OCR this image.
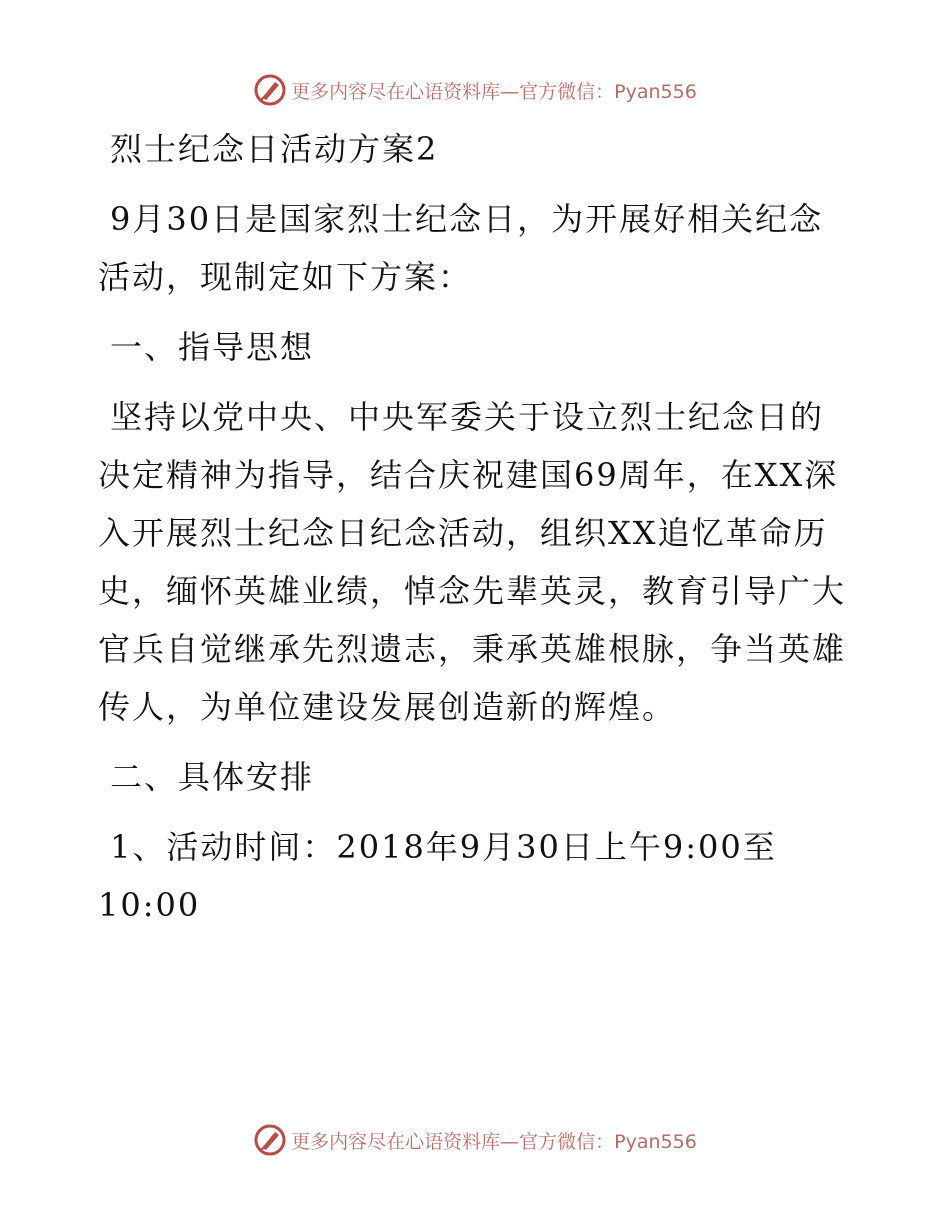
更多内容尽在心语资料库—官方微信：Pyan556
烈士纪念日活动方案2
9月30日是国家烈士纪念日，为开展好相关纪念
活动，现制定如下方案：
一、指导思想
坚持以党中央、中央军委关于设立烈士纪念日的
决定精神为指导，结合庆祝建国69周年，在XX深
入开展烈士纪念日纪念活动，组织XX追忆革命历
史，缅怀英雄业绩，悼念先辈英灵，教育引导广大
官兵自觉继承先烈遗志，秉承英雄根脉，争当英雄
传人，为单位建设发展创造新的辉煌。
二、具体安排
1、活动时间：2018年9月30日上午9:00至
10:00
更多内容尽在心语资料库—官方微信：Pyan556
